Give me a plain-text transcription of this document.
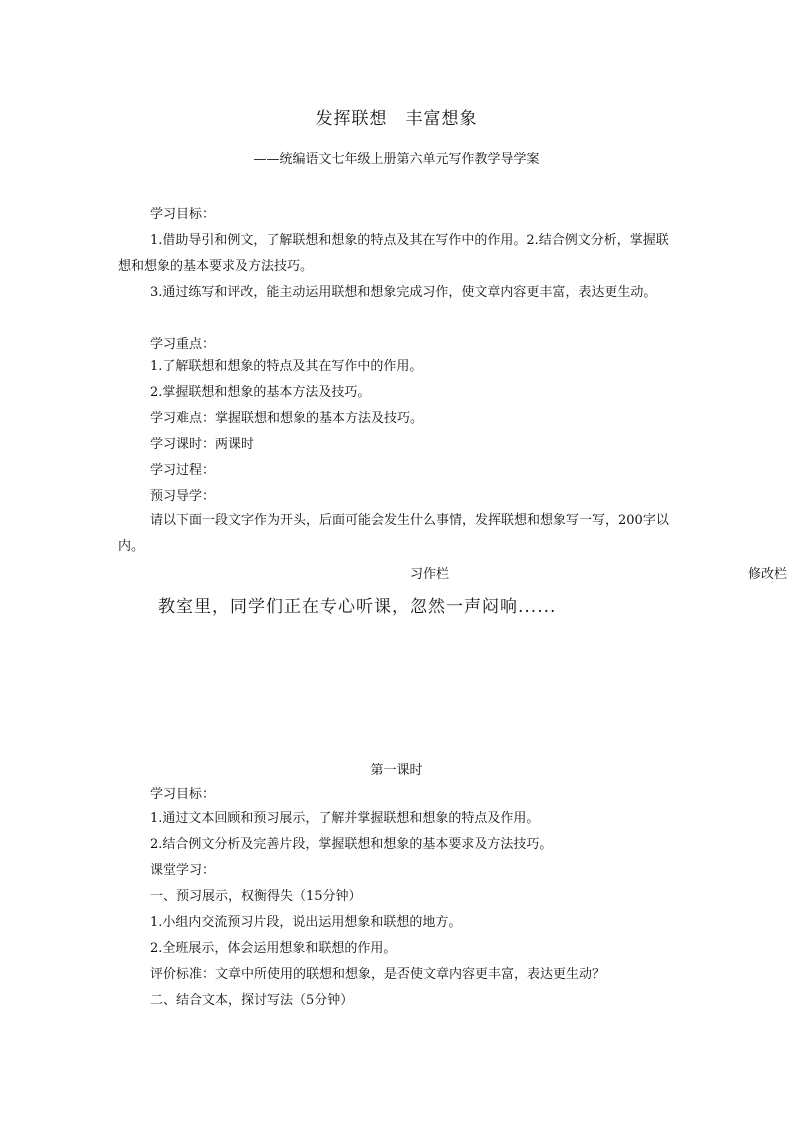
发挥联想　丰富想象
——统编语文七年级上册第六单元写作教学导学案
学习目标：

1.借助导引和例文，了解联想和想象的特点及其在写作中的作用。2.结合例文分析，掌握联想和想象的基本要求及方法技巧。

3.通过练写和评改，能主动运用联想和想象完成习作，使文章内容更丰富，表达更生动。

学习重点：
1.了解联想和想象的特点及其在写作中的作用。
2.掌握联想和想象的基本方法及技巧。
学习难点：掌握联想和想象的基本方法及技巧。
学习课时：两课时
学习过程：
预习导学：

请以下面一段文字作为开头，后面可能会发生什么事情，发挥联想和想象写一写，200字以内。

习作栏	修改栏
教室里，同学们正在专心听课，忽然一声闷响......
第一课时
学习目标：
1.通过文本回顾和预习展示，了解并掌握联想和想象的特点及作用。
2.结合例文分析及完善片段，掌握联想和想象的基本要求及方法技巧。
课堂学习：
一、预习展示，权衡得失（15分钟）
1.小组内交流预习片段，说出运用想象和联想的地方。
2.全班展示，体会运用想象和联想的作用。
评价标准：文章中所使用的联想和想象，是否使文章内容更丰富，表达更生动？
二、结合文本，探讨写法（5分钟）
